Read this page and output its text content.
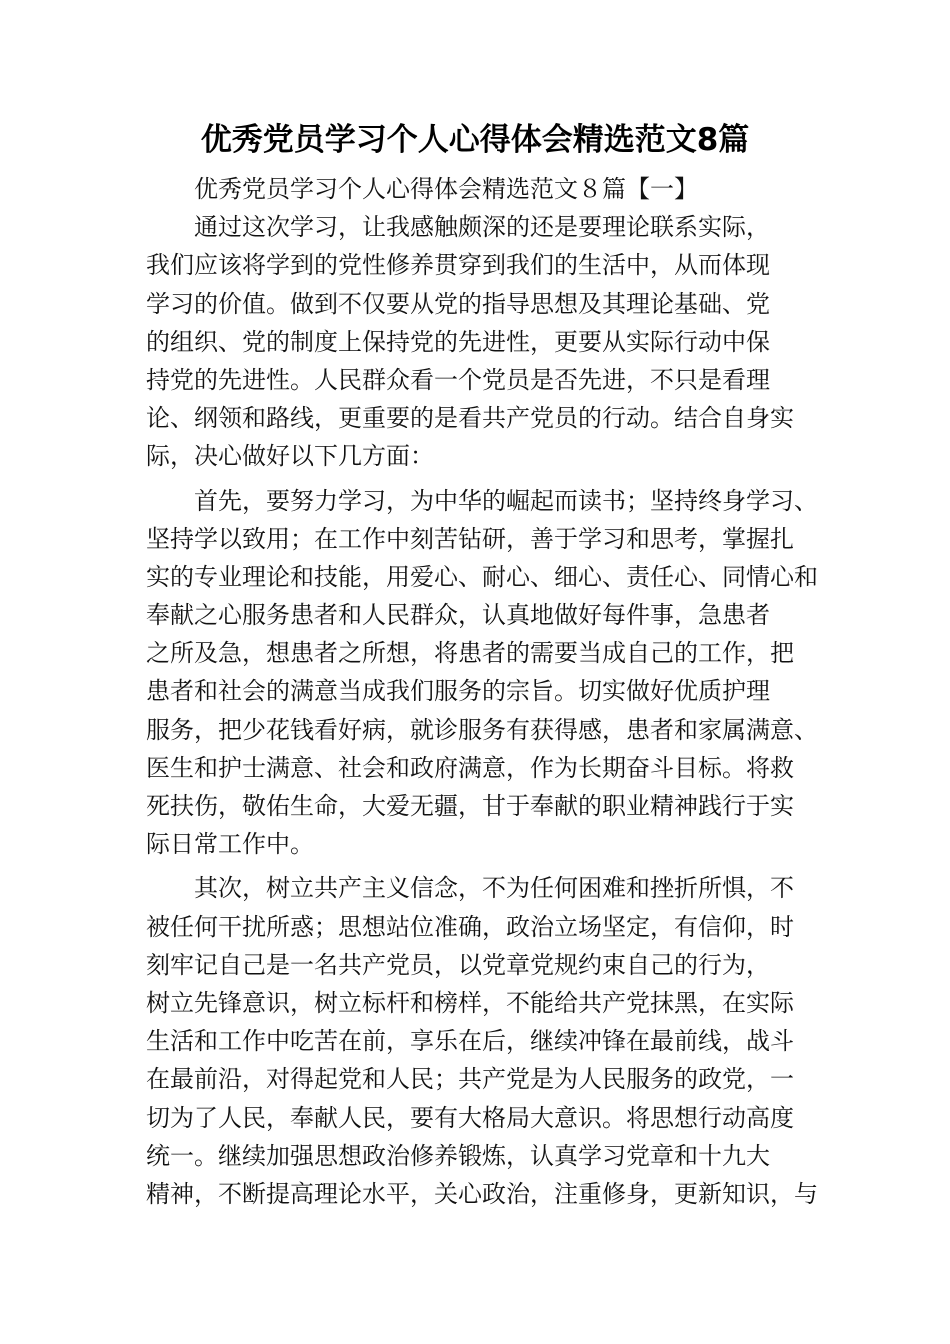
优秀党员学习个人心得体会精选范文8篇
优秀党员学习个人心得体会精选范文８篇【一】
通过这次学习，让我感触颇深的还是要理论联系实际，
我们应该将学到的党性修养贯穿到我们的生活中，从而体现
学习的价值。做到不仅要从党的指导思想及其理论基础、党
的组织、党的制度上保持党的先进性，更要从实际行动中保
持党的先进性。人民群众看一个党员是否先进，不只是看理
论、纲领和路线，更重要的是看共产党员的行动。结合自身实
际，决心做好以下几方面：
首先，要努力学习，为中华的崛起而读书；坚持终身学习、
坚持学以致用；在工作中刻苦钻研，善于学习和思考，掌握扎
实的专业理论和技能，用爱心、耐心、细心、责任心、同情心和
奉献之心服务患者和人民群众，认真地做好每件事，急患者
之所及急，想患者之所想，将患者的需要当成自己的工作，把
患者和社会的满意当成我们服务的宗旨。切实做好优质护理
服务，把少花钱看好病，就诊服务有获得感，患者和家属满意、
医生和护士满意、社会和政府满意，作为长期奋斗目标。将救
死扶伤，敬佑生命，大爱无疆，甘于奉献的职业精神践行于实
际日常工作中。
其次，树立共产主义信念，不为任何困难和挫折所惧，不
被任何干扰所惑；思想站位准确，政治立场坚定，有信仰，时
刻牢记自己是一名共产党员，以党章党规约束自己的行为，
树立先锋意识，树立标杆和榜样，不能给共产党抹黑，在实际
生活和工作中吃苦在前，享乐在后，继续冲锋在最前线，战斗
在最前沿，对得起党和人民；共产党是为人民服务的政党，一
切为了人民，奉献人民，要有大格局大意识。将思想行动高度
统一。继续加强思想政治修养锻炼，认真学习党章和十九大
精神，不断提高理论水平，关心政治，注重修身，更新知识，与
